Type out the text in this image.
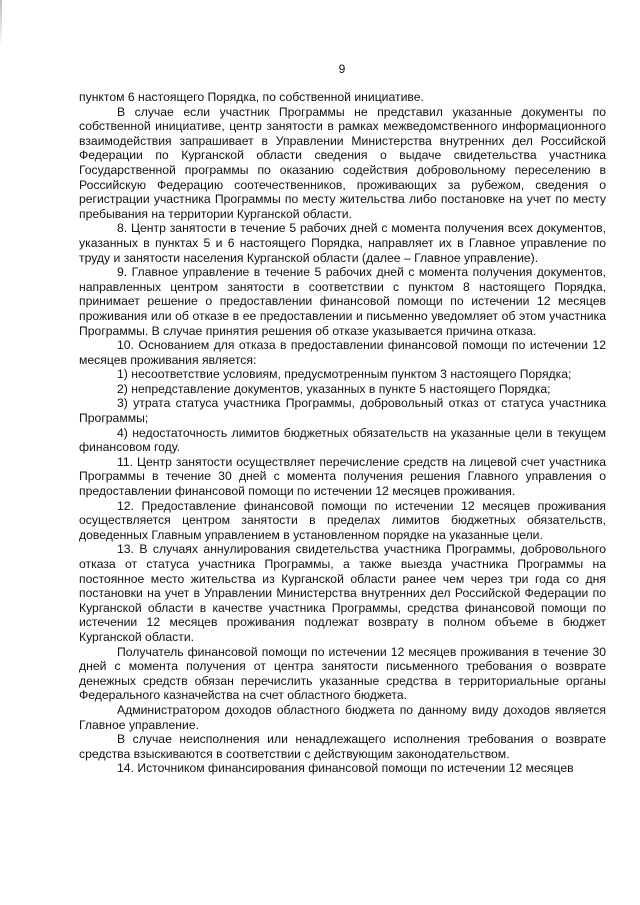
9

пунктом 6 настоящего Порядка, по собственной инициативе.

В случае если участник Программы не представил указанные документы по собственной инициативе, центр занятости в рамках межведомственного информационного взаимодействия запрашивает в Управлении Министерства внутренних дел Российской Федерации по Курганской области сведения о выдаче свидетельства участника Государственной программы по оказанию содействия добровольному переселению в Российскую Федерацию соотечественников, проживающих за рубежом, сведения о регистрации участника Программы по месту жительства либо постановке на учет по месту пребывания на территории Курганской области.

8. Центр занятости в течение 5 рабочих дней с момента получения всех документов, указанных в пунктах 5 и 6 настоящего Порядка, направляет их в Главное управление по труду и занятости населения Курганской области (далее – Главное управление).

9. Главное управление в течение 5 рабочих дней с момента получения документов, направленных центром занятости в соответствии с пунктом 8 настоящего Порядка, принимает решение о предоставлении финансовой помощи по истечении 12 месяцев проживания или об отказе в ее предоставлении и письменно уведомляет об этом участника Программы. В случае принятия решения об отказе указывается причина отказа.

10. Основанием для отказа в предоставлении финансовой помощи по истечении 12 месяцев проживания является:

1) несоответствие условиям, предусмотренным пунктом 3 настоящего Порядка;

2) непредставление документов, указанных в пункте 5 настоящего Порядка;

3) утрата статуса участника Программы, добровольный отказ от статуса участника Программы;

4) недостаточность лимитов бюджетных обязательств на указанные цели в текущем финансовом году.

11. Центр занятости осуществляет перечисление средств на лицевой счет участника Программы в течение 30 дней с момента получения решения Главного управления о предоставлении финансовой помощи по истечении 12 месяцев проживания.

12. Предоставление финансовой помощи по истечении 12 месяцев проживания осуществляется центром занятости в пределах лимитов бюджетных обязательств, доведенных Главным управлением в установленном порядке на указанные цели.

13. В случаях аннулирования свидетельства участника Программы, добровольного отказа от статуса участника Программы, а также выезда участника Программы на постоянное место жительства из Курганской области ранее чем через три года со дня постановки на учет в Управлении Министерства внутренних дел Российской Федерации по Курганской области в качестве участника Программы, средства финансовой помощи по истечении 12 месяцев проживания подлежат возврату в полном объеме в бюджет Курганской области.

Получатель финансовой помощи по истечении 12 месяцев проживания в течение 30 дней с момента получения от центра занятости письменного требования о возврате денежных средств обязан перечислить указанные средства в территориальные органы Федерального казначейства на счет областного бюджета.

Администратором доходов областного бюджета по данному виду доходов является Главное управление.

В случае неисполнения или ненадлежащего исполнения требования о возврате средства взыскиваются в соответствии с действующим законодательством.

14. Источником финансирования финансовой помощи по истечении 12 месяцев
